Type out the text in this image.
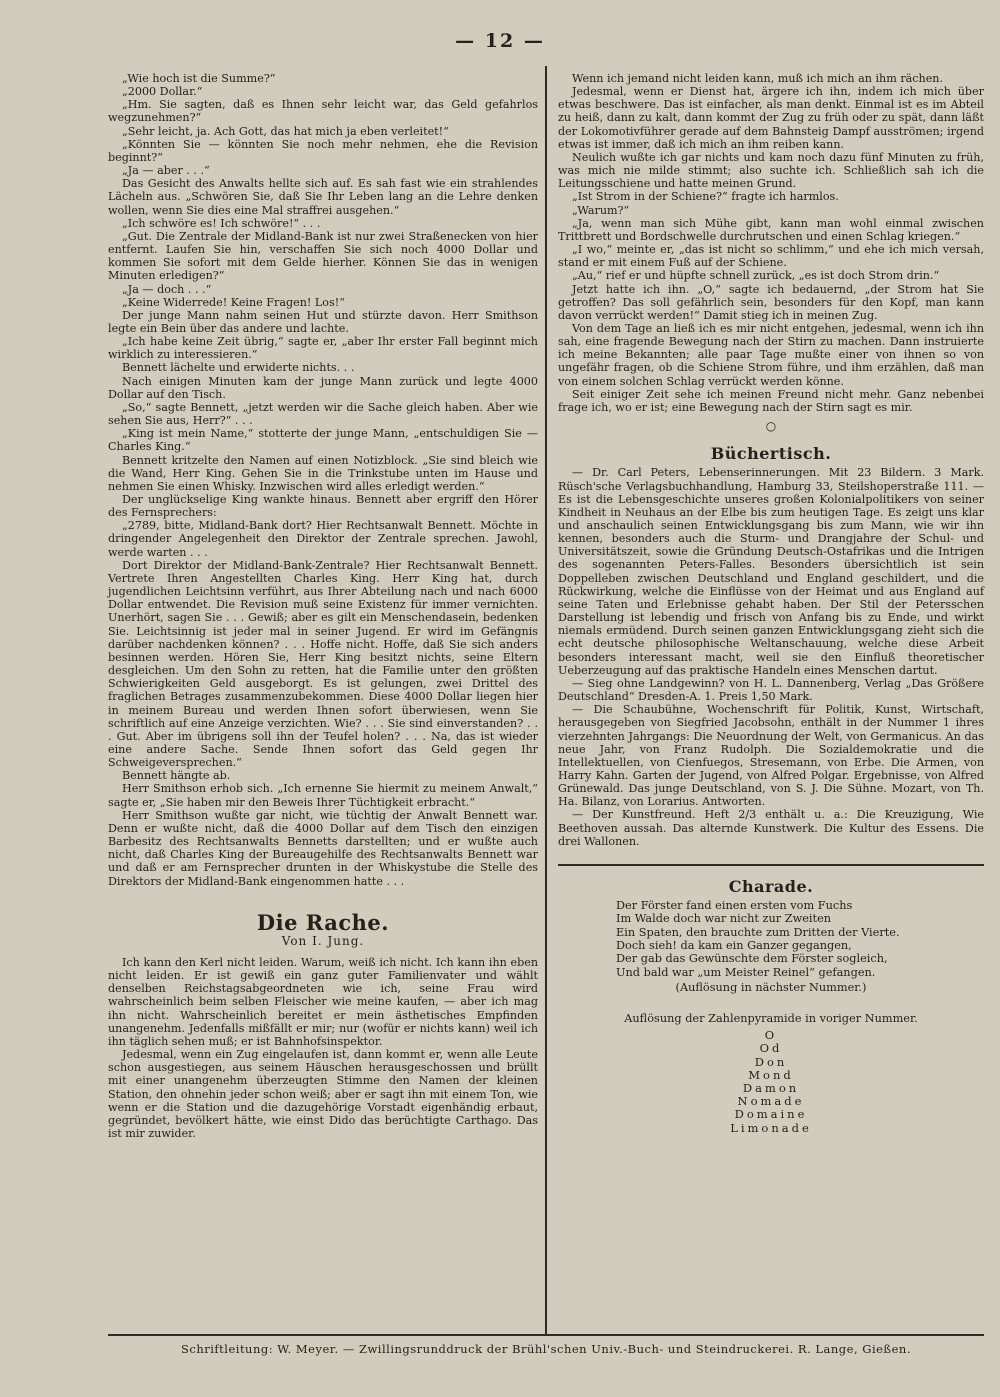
— 12 —

„Wie hoch ist die Summe?“

„2000 Dollar.“

„Hm. Sie sagten, daß es Ihnen sehr leicht war, das Geld gefahrlos wegzunehmen?“

„Sehr leicht, ja. Ach Gott, das hat mich ja eben verleitet!“

„Könnten Sie — könnten Sie noch mehr nehmen, ehe die Revision beginnt?“

„Ja — aber . . .“

Das Gesicht des Anwalts hellte sich auf. Es sah fast wie ein strahlendes Lächeln aus. „Schwören Sie, daß Sie Ihr Leben lang an die Lehre denken wollen, wenn Sie dies eine Mal straffrei ausgehen.“

„Ich schwöre es! Ich schwöre!“ . . .

„Gut. Die Zentrale der Midland-Bank ist nur zwei Straßenecken von hier entfernt. Laufen Sie hin, verschaffen Sie sich noch 4000 Dollar und kommen Sie sofort mit dem Gelde hierher. Können Sie das in wenigen Minuten erledigen?“

„Ja — doch . . .“

„Keine Widerrede! Keine Fragen! Los!“

Der junge Mann nahm seinen Hut und stürzte davon. Herr Smithson legte ein Bein über das andere und lachte.

„Ich habe keine Zeit übrig,“ sagte er, „aber Ihr erster Fall beginnt mich wirklich zu interessieren.“

Bennett lächelte und erwiderte nichts. . .

Nach einigen Minuten kam der junge Mann zurück und legte 4000 Dollar auf den Tisch.

„So,“ sagte Bennett, „jetzt werden wir die Sache gleich haben. Aber wie sehen Sie aus, Herr?“ . . .

„King ist mein Name,“ stotterte der junge Mann, „entschuldigen Sie — Charles King.“

Bennett kritzelte den Namen auf einen Notizblock. „Sie sind bleich wie die Wand, Herr King. Gehen Sie in die Trinkstube unten im Hause und nehmen Sie einen Whisky. Inzwischen wird alles erledigt werden.“

Der unglückselige King wankte hinaus. Bennett aber ergriff den Hörer des Fernsprechers:

„2789, bitte, Midland-Bank dort? Hier Rechtsanwalt Bennett. Möchte in dringender Angelegenheit den Direktor der Zentrale sprechen. Jawohl, werde warten . . .

Dort Direktor der Midland-Bank-Zentrale? Hier Rechtsanwalt Bennett. Vertrete Ihren Angestellten Charles King. Herr King hat, durch jugendlichen Leichtsinn verführt, aus Ihrer Abteilung nach und nach 6000 Dollar entwendet. Die Revision muß seine Existenz für immer vernichten. Unerhört, sagen Sie . . . Gewiß; aber es gilt ein Menschendasein, bedenken Sie. Leichtsinnig ist jeder mal in seiner Jugend. Er wird im Gefängnis darüber nachdenken können? . . . Hoffe nicht. Hoffe, daß Sie sich anders besinnen werden. Hören Sie, Herr King besitzt nichts, seine Eltern desgleichen. Um den Sohn zu retten, hat die Familie unter den größten Schwierigkeiten Geld ausgeborgt. Es ist gelungen, zwei Drittel des fraglichen Betrages zusammenzubekommen. Diese 4000 Dollar liegen hier in meinem Bureau und werden Ihnen sofort überwiesen, wenn Sie schriftlich auf eine Anzeige verzichten. Wie? . . . Sie sind einverstanden? . . . Gut. Aber im übrigens soll ihn der Teufel holen? . . . Na, das ist wieder eine andere Sache. Sende Ihnen sofort das Geld gegen Ihr Schweigeversprechen.“

Bennett hängte ab.

Herr Smithson erhob sich. „Ich ernenne Sie hiermit zu meinem Anwalt,“ sagte er, „Sie haben mir den Beweis Ihrer Tüchtigkeit erbracht.“

Herr Smithson wußte gar nicht, wie tüchtig der Anwalt Bennett war. Denn er wußte nicht, daß die 4000 Dollar auf dem Tisch den einzigen Barbesitz des Rechtsanwalts Bennetts darstellten; und er wußte auch nicht, daß Charles King der Bureaugehilfe des Rechtsanwalts Bennett war und daß er am Fernsprecher drunten in der Whiskystube die Stelle des Direktors der Midland-Bank eingenommen hatte . . .

Die Rache.
Von I. Jung.

Ich kann den Kerl nicht leiden. Warum, weiß ich nicht. Ich kann ihn eben nicht leiden. Er ist gewiß ein ganz guter Familienvater und wählt denselben Reichstagsabgeordneten wie ich, seine Frau wird wahrscheinlich beim selben Fleischer wie meine kaufen, — aber ich mag ihn nicht. Wahrscheinlich bereitet er mein ästhetisches Empfinden unangenehm. Jedenfalls mißfällt er mir; nur (wofür er nichts kann) weil ich ihn täglich sehen muß; er ist Bahnhofsinspektor.

Jedesmal, wenn ein Zug eingelaufen ist, dann kommt er, wenn alle Leute schon ausgestiegen, aus seinem Häuschen herausgeschossen und brüllt mit einer unangenehm überzeugten Stimme den Namen der kleinen Station, den ohnehin jeder schon weiß; aber er sagt ihn mit einem Ton, wie wenn er die Station und die dazugehörige Vorstadt eigenhändig erbaut, gegründet, bevölkert hätte, wie einst Dido das berüchtigte Carthago. Das ist mir zuwider.

Wenn ich jemand nicht leiden kann, muß ich mich an ihm rächen.

Jedesmal, wenn er Dienst hat, ärgere ich ihn, indem ich mich über etwas beschwere. Das ist einfacher, als man denkt. Einmal ist es im Abteil zu heiß, dann zu kalt, dann kommt der Zug zu früh oder zu spät, dann läßt der Lokomotivführer gerade auf dem Bahnsteig Dampf ausströmen; irgend etwas ist immer, daß ich mich an ihm reiben kann.

Neulich wußte ich gar nichts und kam noch dazu fünf Minuten zu früh, was mich nie milde stimmt; also suchte ich. Schließlich sah ich die Leitungsschiene und hatte meinen Grund.

„Ist Strom in der Schiene?“ fragte ich harmlos.

„Warum?“

„Ja, wenn man sich Mühe gibt, kann man wohl einmal zwischen Trittbrett und Bordschwelle durchrutschen und einen Schlag kriegen.“

„I wo,“ meinte er, „das ist nicht so schlimm,“ und ehe ich mich versah, stand er mit einem Fuß auf der Schiene.

„Au,“ rief er und hüpfte schnell zurück, „es ist doch Strom drin.“

Jetzt hatte ich ihn. „O,“ sagte ich bedauernd, „der Strom hat Sie getroffen? Das soll gefährlich sein, besonders für den Kopf, man kann davon verrückt werden!“ Damit stieg ich in meinen Zug.

Von dem Tage an ließ ich es mir nicht entgehen, jedesmal, wenn ich ihn sah, eine fragende Bewegung nach der Stirn zu machen. Dann instruierte ich meine Bekannten; alle paar Tage mußte einer von ihnen so von ungefähr fragen, ob die Schiene Strom führe, und ihm erzählen, daß man von einem solchen Schlag verrückt werden könne.

Seit einiger Zeit sehe ich meinen Freund nicht mehr. Ganz nebenbei frage ich, wo er ist; eine Bewegung nach der Stirn sagt es mir.

○
Büchertisch.

— Dr. Carl Peters, Lebenserinnerungen. Mit 23 Bildern. 3 Mark. Rüsch'sche Verlagsbuchhandlung, Hamburg 33, Steilshoperstraße 111. — Es ist die Lebensgeschichte unseres großen Kolonialpolitikers von seiner Kindheit in Neuhaus an der Elbe bis zum heutigen Tage. Es zeigt uns klar und anschaulich seinen Entwicklungsgang bis zum Mann, wie wir ihn kennen, besonders auch die Sturm- und Drangjahre der Schul- und Universitätszeit, sowie die Gründung Deutsch-Ostafrikas und die Intrigen des sogenannten Peters-Falles. Besonders übersichtlich ist sein Doppelleben zwischen Deutschland und England geschildert, und die Rückwirkung, welche die Einflüsse von der Heimat und aus England auf seine Taten und Erlebnisse gehabt haben. Der Stil der Petersschen Darstellung ist lebendig und frisch von Anfang bis zu Ende, und wirkt niemals ermüdend. Durch seinen ganzen Entwicklungsgang zieht sich die echt deutsche philosophische Weltanschauung, welche diese Arbeit besonders interessant macht, weil sie den Einfluß theoretischer Ueberzeugung auf das praktische Handeln eines Menschen dartut.

— Sieg ohne Landgewinn? von H. L. Dannenberg, Verlag „Das Größere Deutschland“ Dresden-A. 1. Preis 1,50 Mark.

— Die Schaubühne, Wochenschrift für Politik, Kunst, Wirtschaft, herausgegeben von Siegfried Jacobsohn, enthält in der Nummer 1 ihres vierzehnten Jahrgangs: Die Neuordnung der Welt, von Germanicus. An das neue Jahr, von Franz Rudolph. Die Sozialdemokratie und die Intellektuellen, von Cienfuegos, Stresemann, von Erbe. Die Armen, von Harry Kahn. Garten der Jugend, von Alfred Polgar. Ergebnisse, von Alfred Grünewald. Das junge Deutschland, von S. J. Die Sühne. Mozart, von Th. Ha. Bilanz, von Lorarius. Antworten.

— Der Kunstfreund. Heft 2/3 enthält u. a.: Die Kreuzigung, Wie Beethoven aussah. Das alternde Kunstwerk. Die Kultur des Essens. Die drei Wallonen.

Charade.
Der Förster fand einen ersten vom Fuchs
Im Walde doch war nicht zur Zweiten
Ein Spaten, den brauchte zum Dritten der Vierte.
Doch sieh! da kam ein Ganzer gegangen,
Der gab das Gewünschte dem Förster sogleich,
Und bald war „um Meister Reinel“ gefangen.
(Auflösung in nächster Nummer.)
Auflösung der Zahlenpyramide in voriger Nummer.
O
Od
Don
Mond
Damon
Nomade
Domaine
Limonade
Schriftleitung: W. Meyer. — Zwillingsrunddruck der Brühl'schen Univ.-Buch- und Steindruckerei. R. Lange, Gießen.
